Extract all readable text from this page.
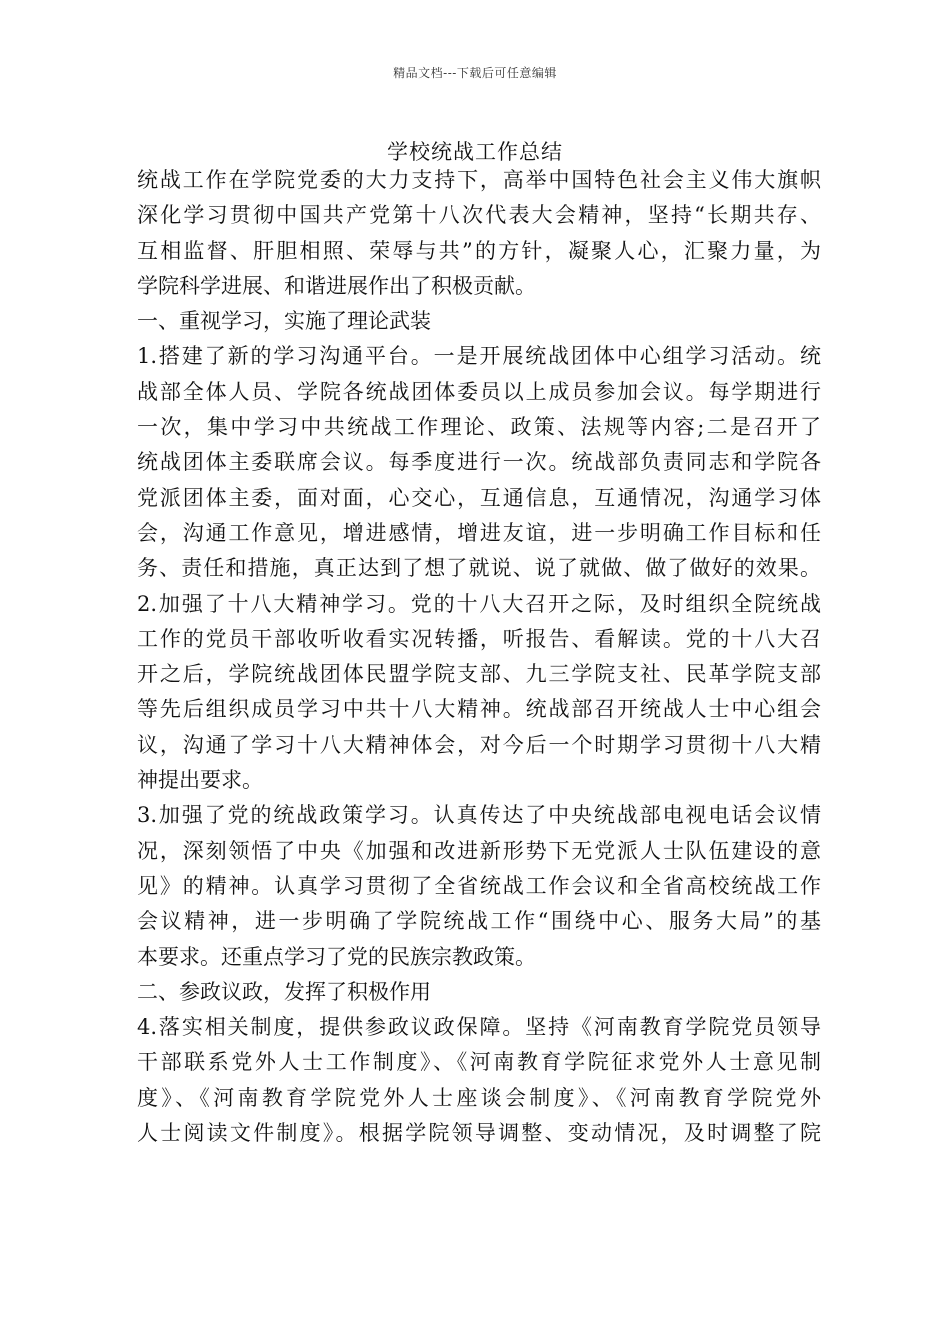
精品文档---下载后可任意编辑
学校统战工作总结
统战工作在学院党委的大力支持下，高举中国特色社会主义伟大旗帜
深化学习贯彻中国共产党第十八次代表大会精神，坚持“长期共存、
互相监督、肝胆相照、荣辱与共”的方针，凝聚人心，汇聚力量，为
学院科学进展、和谐进展作出了积极贡献。
一、重视学习，实施了理论武装
1.搭建了新的学习沟通平台。一是开展统战团体中心组学习活动。统
战部全体人员、学院各统战团体委员以上成员参加会议。每学期进行
一次，集中学习中共统战工作理论、政策、法规等内容;二是召开了
统战团体主委联席会议。每季度进行一次。统战部负责同志和学院各
党派团体主委，面对面，心交心，互通信息，互通情况，沟通学习体
会，沟通工作意见，增进感情，增进友谊，进一步明确工作目标和任
务、责任和措施，真正达到了想了就说、说了就做、做了做好的效果。
2.加强了十八大精神学习。党的十八大召开之际，及时组织全院统战
工作的党员干部收听收看实况转播，听报告、看解读。党的十八大召
开之后，学院统战团体民盟学院支部、九三学院支社、民革学院支部
等先后组织成员学习中共十八大精神。统战部召开统战人士中心组会
议，沟通了学习十八大精神体会，对今后一个时期学习贯彻十八大精
神提出要求。
3.加强了党的统战政策学习。认真传达了中央统战部电视电话会议情
况，深刻领悟了中央《加强和改进新形势下无党派人士队伍建设的意
见》的精神。认真学习贯彻了全省统战工作会议和全省高校统战工作
会议精神，进一步明确了学院统战工作“围绕中心、服务大局”的基
本要求。还重点学习了党的民族宗教政策。
二、参政议政，发挥了积极作用
4.落实相关制度，提供参政议政保障。坚持《河南教育学院党员领导
干部联系党外人士工作制度》、《河南教育学院征求党外人士意见制
度》、《河南教育学院党外人士座谈会制度》、《河南教育学院党外
人士阅读文件制度》。根据学院领导调整、变动情况，及时调整了院
